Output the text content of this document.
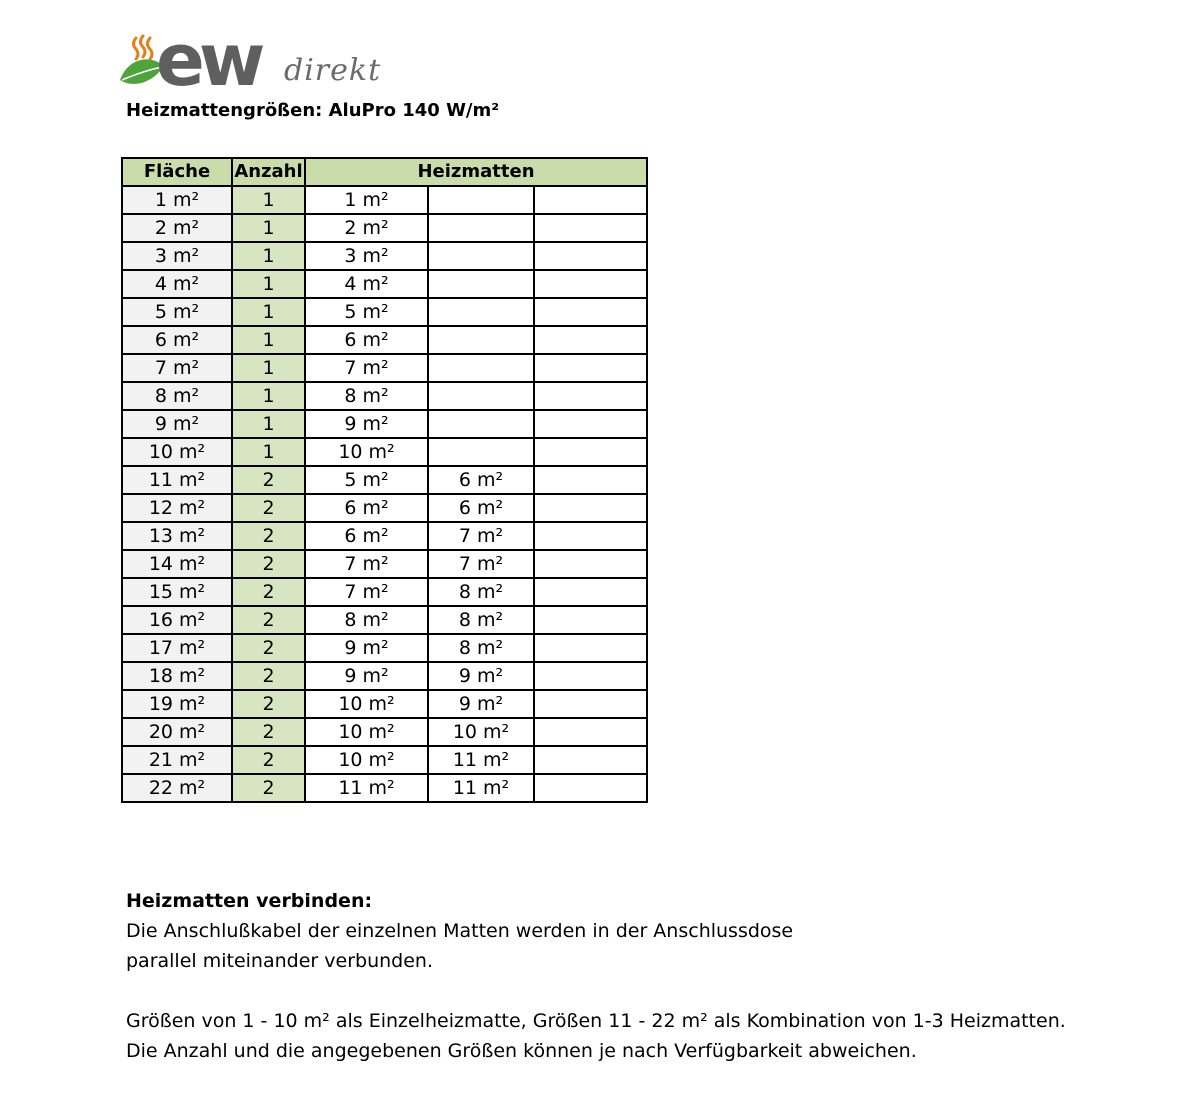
ew direkt
Heizmattengrößen: AluPro 140 W/m²
Fläche	Anzahl	Heizmatten		
1 m²	1	1 m²		
2 m²	1	2 m²		
3 m²	1	3 m²		
4 m²	1	4 m²		
5 m²	1	5 m²		
6 m²	1	6 m²		
7 m²	1	7 m²		
8 m²	1	8 m²		
9 m²	1	9 m²		
10 m²	1	10 m²		
11 m²	2	5 m²	6 m²	
12 m²	2	6 m²	6 m²	
13 m²	2	6 m²	7 m²	
14 m²	2	7 m²	7 m²	
15 m²	2	7 m²	8 m²	
16 m²	2	8 m²	8 m²	
17 m²	2	9 m²	8 m²	
18 m²	2	9 m²	9 m²	
19 m²	2	10 m²	9 m²	
20 m²	2	10 m²	10 m²	
21 m²	2	10 m²	11 m²	
22 m²	2	11 m²	11 m²	
Heizmatten verbinden:
Die Anschlußkabel der einzelnen Matten werden in der Anschlussdose
parallel miteinander verbunden.
Größen von 1 - 10 m² als Einzelheizmatte, Größen 11 - 22 m² als Kombination von 1-3 Heizmatten.
Die Anzahl und die angegebenen Größen können je nach Verfügbarkeit abweichen.
